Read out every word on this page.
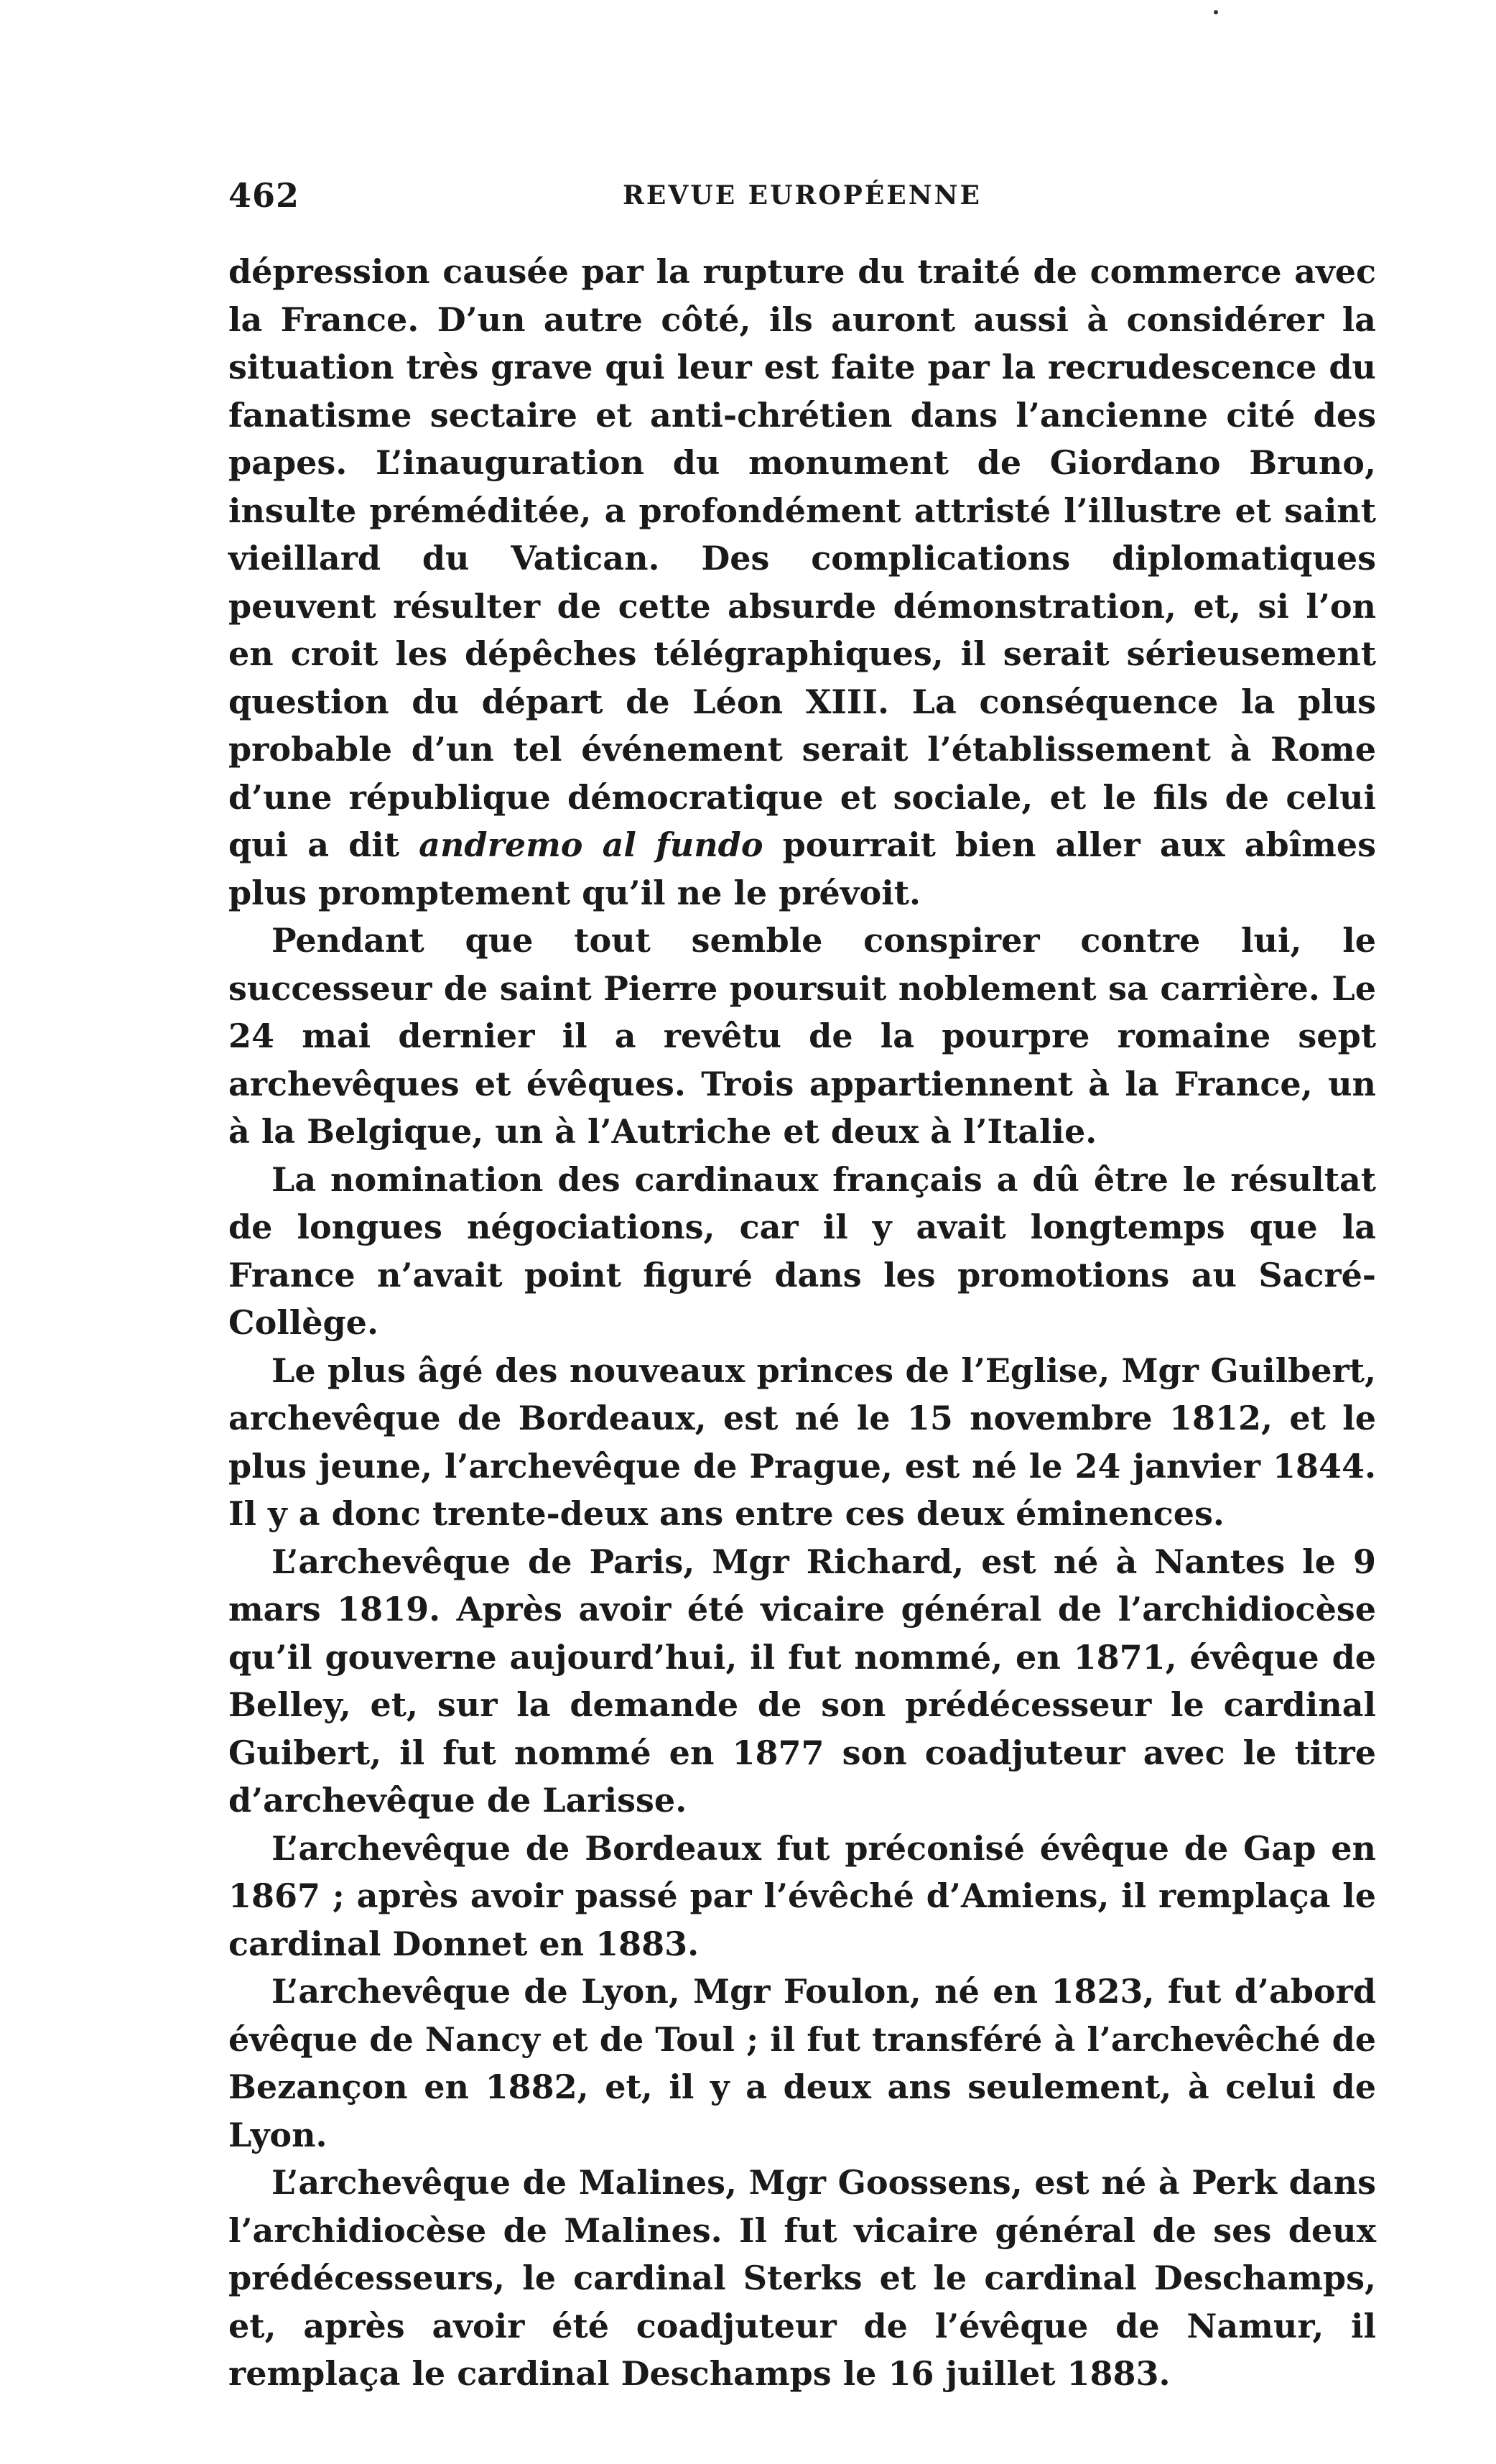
462	REVUE EUROPÉENNE

dépression causée par la rupture du traité de commerce avec la France. D’un autre côté, ils auront aussi à considérer la situation très grave qui leur est faite par la recrudescence du fanatisme sectaire et anti-chrétien dans l’ancienne cité des papes. L’inauguration du monument de Giordano Bruno, insulte préméditée, a profondément attristé l’illustre et saint vieillard du Vatican. Des complications diplomatiques peuvent résulter de cette absurde démonstration, et, si l’on en croit les dépêches télégraphiques, il serait sérieusement question du départ de Léon XIII. La conséquence la plus probable d’un tel événement serait l’établissement à Rome d’une république démocratique et sociale, et le fils de celui qui a dit andremo al fundo pourrait bien aller aux abîmes plus promptement qu’il ne le prévoit.

Pendant que tout semble conspirer contre lui, le successeur de saint Pierre poursuit noblement sa carrière. Le 24 mai dernier il a revêtu de la pourpre romaine sept archevêques et évêques. Trois appartiennent à la France, un à la Belgique, un à l’Autriche et deux à l’Italie.

La nomination des cardinaux français a dû être le résultat de longues négociations, car il y avait longtemps que la France n’avait point figuré dans les promotions au Sacré-Collège.

Le plus âgé des nouveaux princes de l’Eglise, Mgr Guilbert, archevêque de Bordeaux, est né le 15 novembre 1812, et le plus jeune, l’archevêque de Prague, est né le 24 janvier 1844. Il y a donc trente-deux ans entre ces deux éminences.

L’archevêque de Paris, Mgr Richard, est né à Nantes le 9 mars 1819. Après avoir été vicaire général de l’archidiocèse qu’il gouverne aujourd’hui, il fut nommé, en 1871, évêque de Belley, et, sur la demande de son prédécesseur le cardinal Guibert, il fut nommé en 1877 son coadjuteur avec le titre d’archevêque de Larisse.

L’archevêque de Bordeaux fut préconisé évêque de Gap en 1867 ; après avoir passé par l’évêché d’Amiens, il remplaça le cardinal Donnet en 1883.

L’archevêque de Lyon, Mgr Foulon, né en 1823, fut d’abord évêque de Nancy et de Toul ; il fut transféré à l’archevêché de Bezançon en 1882, et, il y a deux ans seulement, à celui de Lyon.

L’archevêque de Malines, Mgr Goossens, est né à Perk dans l’archidiocèse de Malines. Il fut vicaire général de ses deux prédécesseurs, le cardinal Sterks et le cardinal Deschamps, et, après avoir été coadjuteur de l’évêque de Namur, il remplaça le cardinal Deschamps le 16 juillet 1883.
